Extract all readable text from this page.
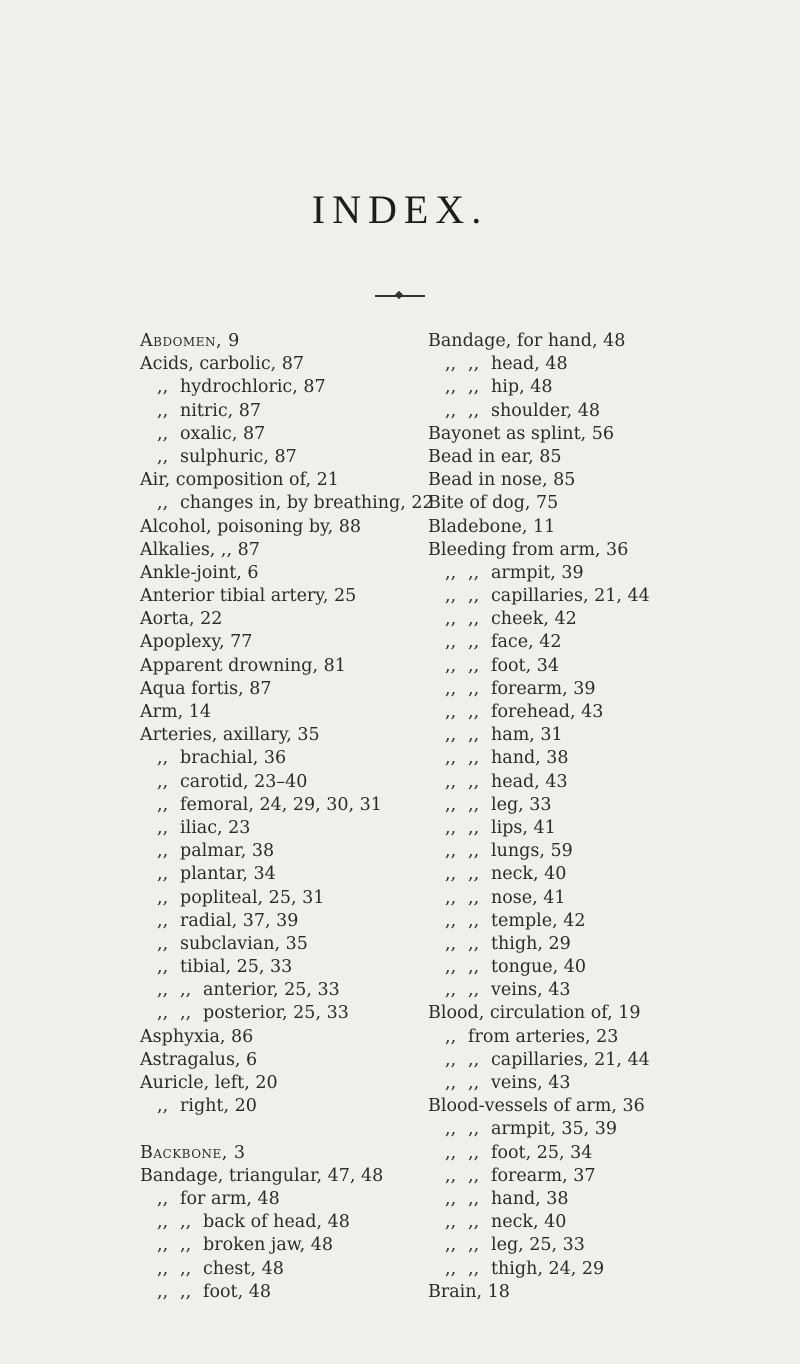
INDEX.
Abdomen, 9
Acids, carbolic, 87
,, hydrochloric, 87
,, nitric, 87
,, oxalic, 87
,, sulphuric, 87
Air, composition of, 21
,, changes in, by breathing, 22
Alcohol, poisoning by, 88
Alkalies, ,, 87
Ankle-joint, 6
Anterior tibial artery, 25
Aorta, 22
Apoplexy, 77
Apparent drowning, 81
Aqua fortis, 87
Arm, 14
Arteries, axillary, 35
,, brachial, 36
,, carotid, 23–40
,, femoral, 24, 29, 30, 31
,, iliac, 23
,, palmar, 38
,, plantar, 34
,, popliteal, 25, 31
,, radial, 37, 39
,, subclavian, 35
,, tibial, 25, 33
,, ,, anterior, 25, 33
,, ,, posterior, 25, 33
Asphyxia, 86
Astragalus, 6
Auricle, left, 20
,, right, 20
Backbone, 3
Bandage, triangular, 47, 48
,, for arm, 48
,, ,, back of head, 48
,, ,, broken jaw, 48
,, ,, chest, 48
,, ,, foot, 48
Bandage, for hand, 48
,, ,, head, 48
,, ,, hip, 48
,, ,, shoulder, 48
Bayonet as splint, 56
Bead in ear, 85
Bead in nose, 85
Bite of dog, 75
Bladebone, 11
Bleeding from arm, 36
,, ,, armpit, 39
,, ,, capillaries, 21, 44
,, ,, cheek, 42
,, ,, face, 42
,, ,, foot, 34
,, ,, forearm, 39
,, ,, forehead, 43
,, ,, ham, 31
,, ,, hand, 38
,, ,, head, 43
,, ,, leg, 33
,, ,, lips, 41
,, ,, lungs, 59
,, ,, neck, 40
,, ,, nose, 41
,, ,, temple, 42
,, ,, thigh, 29
,, ,, tongue, 40
,, ,, veins, 43
Blood, circulation of, 19
,, from arteries, 23
,, ,, capillaries, 21, 44
,, ,, veins, 43
Blood-vessels of arm, 36
,, ,, armpit, 35, 39
,, ,, foot, 25, 34
,, ,, forearm, 37
,, ,, hand, 38
,, ,, neck, 40
,, ,, leg, 25, 33
,, ,, thigh, 24, 29
Brain, 18
